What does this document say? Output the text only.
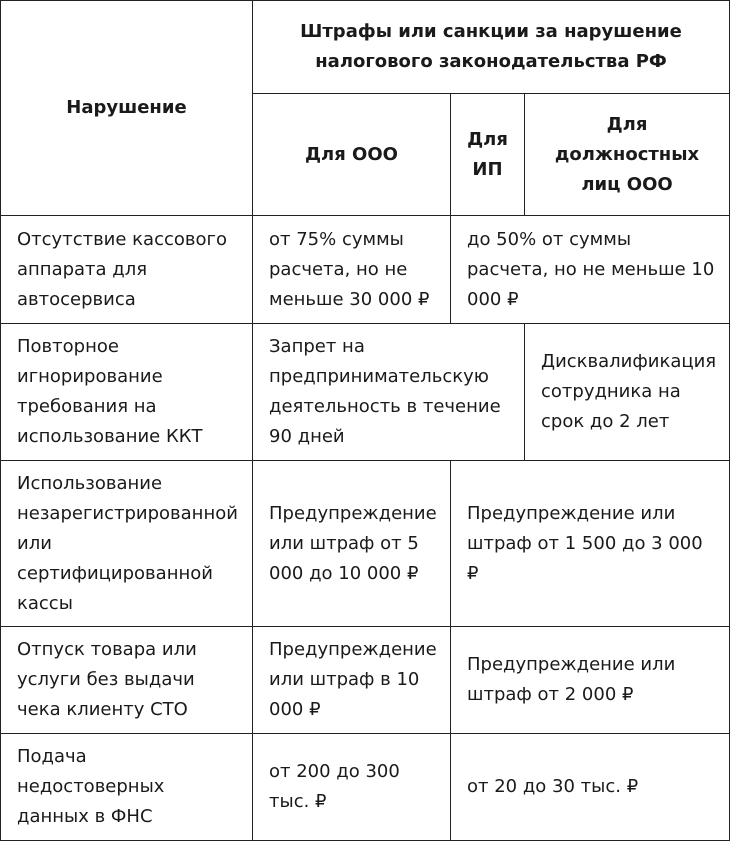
Нарушение	Штрафы или санкции за нарушение налогового законодательства РФ		
	Для ООО	Для ИП	Для должностных лиц ООО
Отсутствие кассового аппарата для автосервиса	от 75% суммы расчета, но не меньше 30 000 ₽	до 50% от суммы расчета, но не меньше 10 000 ₽	
Повторное игнорирование требования на использование ККТ	Запрет на предпринимательскую деятельность в течение 90 дней		Дисквалификация сотрудника на срок до 2 лет
Использование незарегистрированной или сертифицированной кассы	Предупреждение или штраф от 5 000 до 10 000 ₽	Предупреждение или штраф от 1 500 до 3 000 ₽	
Отпуск товара или услуги без выдачи чека клиенту СТО	Предупреждение или штраф в 10 000 ₽	Предупреждение или штраф от 2 000 ₽	
Подача недостоверных данных в ФНС	от 200 до 300 тыс. ₽	от 20 до 30 тыс. ₽	
